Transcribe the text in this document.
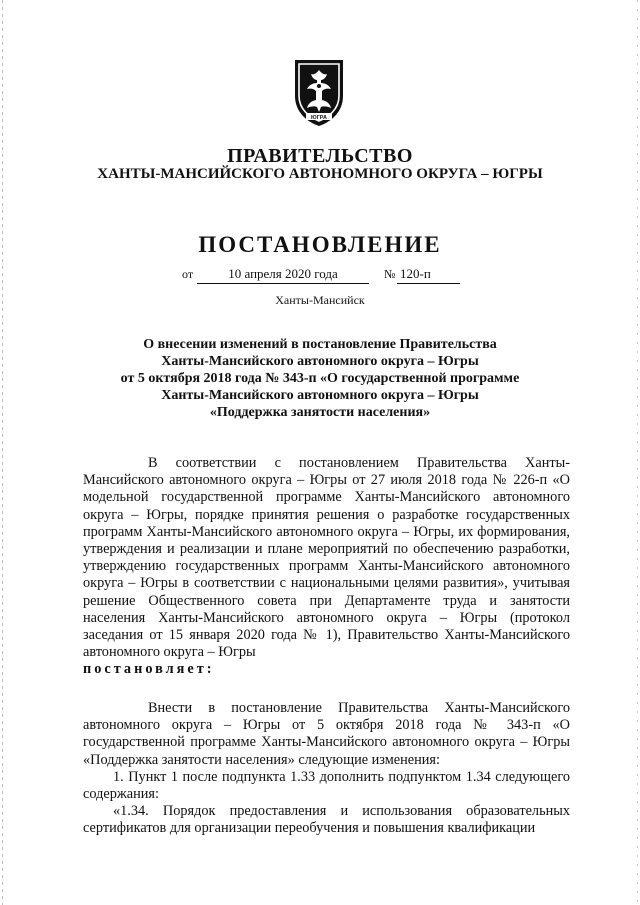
ЮГРА
ПРАВИТЕЛЬСТВО
ХАНТЫ-МАНСИЙСКОГО АВТОНОМНОГО ОКРУГА – ЮГРЫ
ПОСТАНОВЛЕНИЕ
от	10 апреля 2020 года	№ 120-п
Ханты-Мансийск
О внесении изменений в постановление Правительства
Ханты-Мансийского автономного округа – Югры
от 5 октября 2018 года № 343-п «О государственной программе
Ханты-Мансийского автономного округа – Югры
«Поддержка занятости населения»

В соответствии с постановлением Правительства Ханты-Мансийского автономного округа – Югры от 27 июля 2018 года № 226-п «О модельной государственной программе Ханты-Мансийского автономного округа – Югры, порядке принятия решения о разработке государственных программ Ханты-Мансийского автономного округа – Югры, их формирования, утверждения и реализации и плане мероприятий по обеспечению разработки, утверждению государственных программ Ханты-Мансийского автономного округа – Югры в соответствии с национальными целями развития», учитывая решение Общественного совета при Департаменте труда и занятости населения Ханты-Мансийского автономного округа – Югры (протокол заседания от 15 января 2020 года № 1), Правительство Ханты-Мансийского автономного округа – Югры

постановляет:

Внести в постановление Правительства Ханты-Мансийского автономного округа – Югры от 5 октября 2018 года № 343-п «О государственной программе Ханты-Мансийского автономного округа – Югры «Поддержка занятости населения» следующие изменения:

1. Пункт 1 после подпункта 1.33 дополнить подпунктом 1.34 следующего содержания:

«1.34. Порядок предоставления и использования образовательных сертификатов для организации переобучения и повышения квалификации
